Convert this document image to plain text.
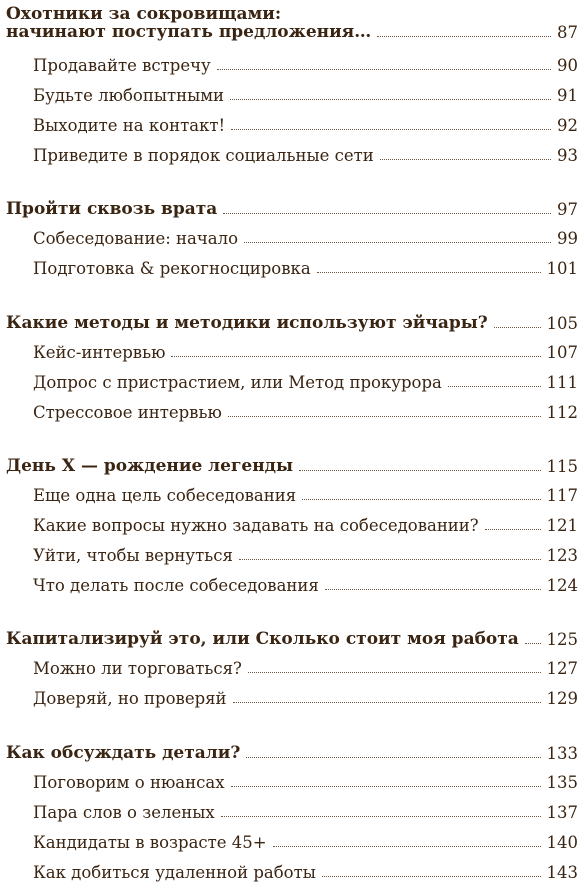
Охотники за сокровищами:
начинают поступать предложения…	87
Продавайте встречу	90
Будьте любопытными	91
Выходите на контакт!	92
Приведите в порядок социальные сети	93
Пройти сквозь врата	97
Собеседование: начало	99
Подготовка & рекогносцировка	101
Какие методы и методики используют эйчары?	105
Кейс-интервью	107
Допрос с пристрастием, или Метод прокурора	111
Стрессовое интервью	112
День Х — рождение легенды	115
Еще одна цель собеседования	117
Какие вопросы нужно задавать на собеседовании?	121
Уйти, чтобы вернуться	123
Что делать после собеседования	124
Капитализируй это, или Сколько стоит моя работа 125
Можно ли торговаться?	127
Доверяй, но проверяй	129
Как обсуждать детали?	133
Поговорим о нюансах	135
Пара слов о зеленых	137
Кандидаты в возрасте 45+	140
Как добиться удаленной работы	143
